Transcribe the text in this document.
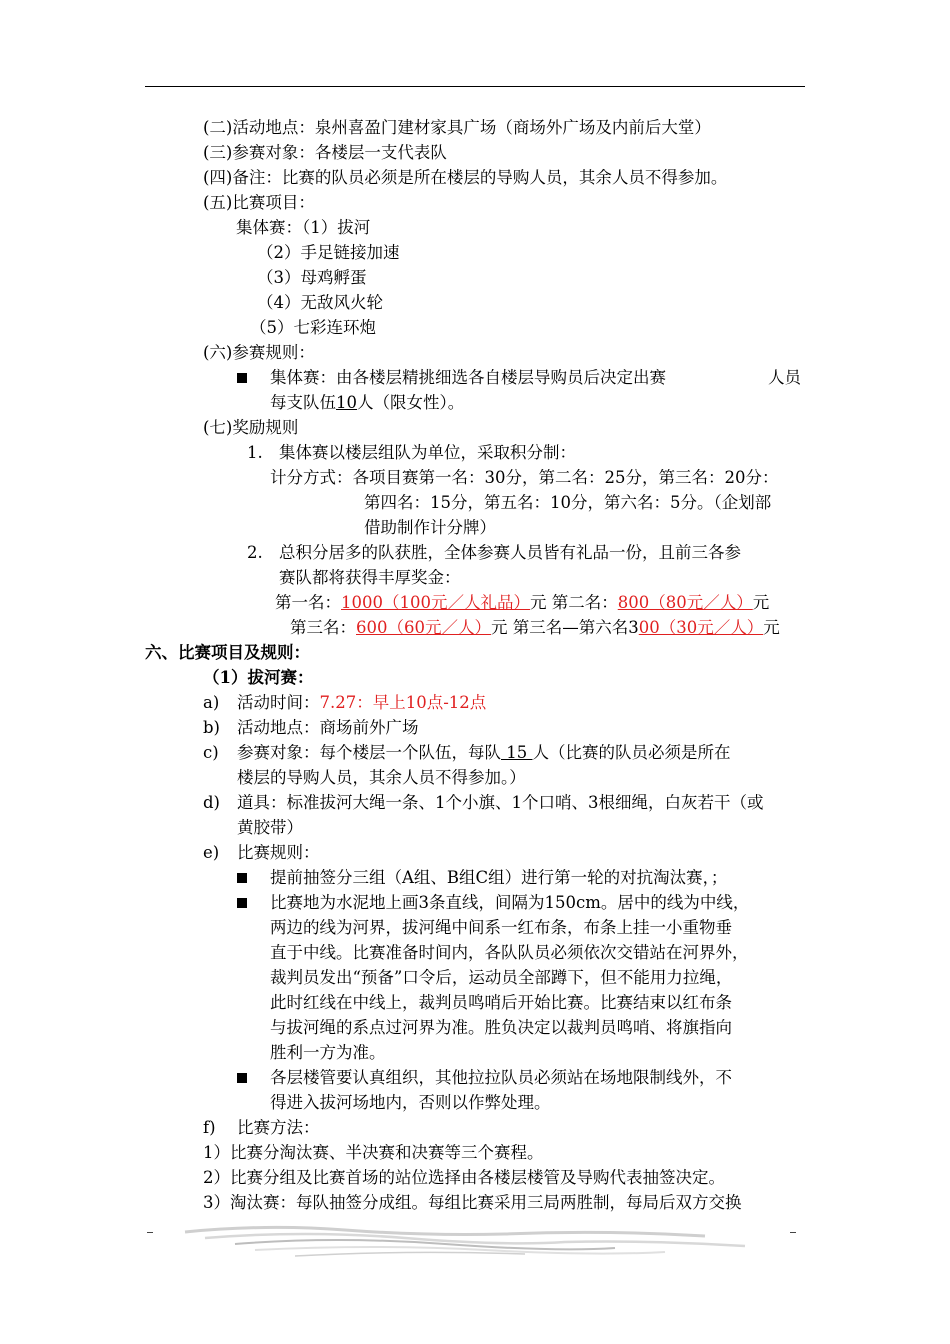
(二)活动地点：泉州喜盈门建材家具广场（商场外广场及内前后大堂）
(三)参赛对象：各楼层一支代表队
(四)备注：比赛的队员必须是所在楼层的导购人员，其余人员不得参加。
(五)比赛项目：
集体赛：（1）拔河
（2）手足链接加速
（3）母鸡孵蛋
（4）无敌风火轮
（5）七彩连环炮
(六)参赛规则：
集体赛：由各楼层精挑细选各自楼层导购员后决定出赛	人员
每支队伍10人（限女性）。
(七)奖励规则
1. 集体赛以楼层组队为单位，采取积分制：
计分方式：各项目赛第一名：30分，第二名：25分，第三名：20分：
第四名：15分，第五名：10分，第六名：5分。（企划部
借助制作计分牌）
2. 总积分居多的队获胜，全体参赛人员皆有礼品一份，且前三各参
赛队都将获得丰厚奖金：
第一名：1000（100元／人礼品）元 第二名：800（80元／人）元
第三名：600（60元／人）元 第三名—第六名300（30元／人）元
六、比赛项目及规则：
（1）拔河赛：
a) 活动时间：7.27：早上10点-12点
b) 活动地点：商场前外广场
c) 参赛对象：每个楼层一个队伍，每队 15 人（比赛的队员必须是所在
楼层的导购人员，其余人员不得参加。）
d) 道具：标准拔河大绳一条、1个小旗、1个口哨、3根细绳，白灰若干（或
黄胶带）
e) 比赛规则：
提前抽签分三组（A组、B组C组）进行第一轮的对抗淘汰赛，；
比赛地为水泥地上画3条直线，间隔为150cm。居中的线为中线，
两边的线为河界，拔河绳中间系一红布条，布条上挂一小重物垂
直于中线。比赛准备时间内，各队队员必须依次交错站在河界外，
裁判员发出“预备”口令后，运动员全部蹲下，但不能用力拉绳，
此时红线在中线上，裁判员鸣哨后开始比赛。比赛结束以红布条
与拔河绳的系点过河界为准。胜负决定以裁判员鸣哨、将旗指向
胜利一方为准。
各层楼管要认真组织，其他拉拉队员必须站在场地限制线外，不
得进入拔河场地内，否则以作弊处理。
f) 比赛方法：
1）比赛分淘汰赛、半决赛和决赛等三个赛程。
2）比赛分组及比赛首场的站位选择由各楼层楼管及导购代表抽签决定。
3）淘汰赛：每队抽签分成组。每组比赛采用三局两胜制，每局后双方交换
